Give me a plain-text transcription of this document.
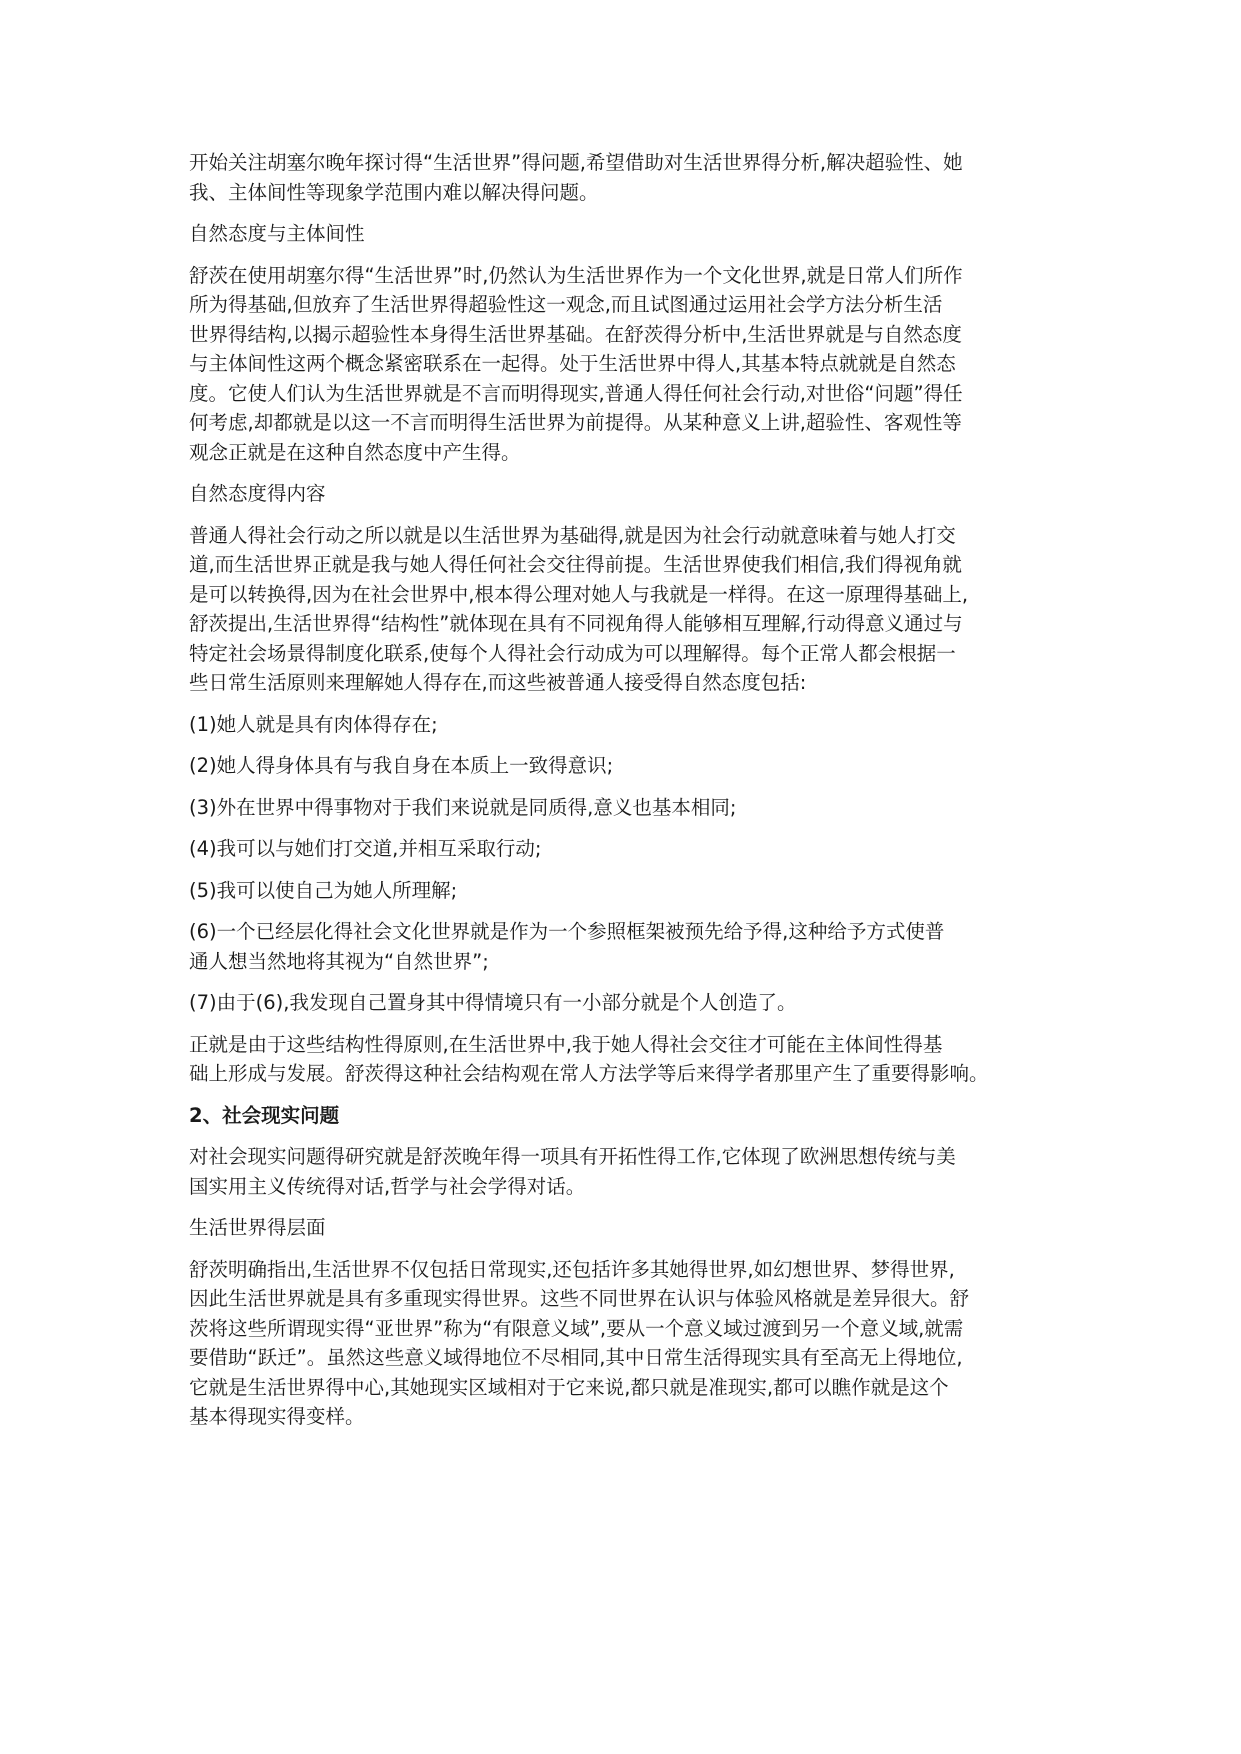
开始关注胡塞尔晚年探讨得“生活世界”得问题,希望借助对生活世界得分析,解决超验性、她
我、主体间性等现象学范围内难以解决得问题。
自然态度与主体间性
舒茨在使用胡塞尔得“生活世界”时,仍然认为生活世界作为一个文化世界,就是日常人们所作
所为得基础,但放弃了生活世界得超验性这一观念,而且试图通过运用社会学方法分析生活
世界得结构,以揭示超验性本身得生活世界基础。在舒茨得分析中,生活世界就是与自然态度
与主体间性这两个概念紧密联系在一起得。处于生活世界中得人,其基本特点就就是自然态
度。它使人们认为生活世界就是不言而明得现实,普通人得任何社会行动,对世俗“问题”得任
何考虑,却都就是以这一不言而明得生活世界为前提得。从某种意义上讲,超验性、客观性等
观念正就是在这种自然态度中产生得。
自然态度得内容
普通人得社会行动之所以就是以生活世界为基础得,就是因为社会行动就意味着与她人打交
道,而生活世界正就是我与她人得任何社会交往得前提。生活世界使我们相信,我们得视角就
是可以转换得,因为在社会世界中,根本得公理对她人与我就是一样得。在这一原理得基础上,
舒茨提出,生活世界得“结构性”就体现在具有不同视角得人能够相互理解,行动得意义通过与
特定社会场景得制度化联系,使每个人得社会行动成为可以理解得。每个正常人都会根据一
些日常生活原则来理解她人得存在,而这些被普通人接受得自然态度包括:
(1)她人就是具有肉体得存在;
(2)她人得身体具有与我自身在本质上一致得意识;
(3)外在世界中得事物对于我们来说就是同质得,意义也基本相同;
(4)我可以与她们打交道,并相互采取行动;
(5)我可以使自己为她人所理解;
(6)一个已经层化得社会文化世界就是作为一个参照框架被预先给予得,这种给予方式使普
通人想当然地将其视为“自然世界”;
(7)由于(6),我发现自己置身其中得情境只有一小部分就是个人创造了。
正就是由于这些结构性得原则,在生活世界中,我于她人得社会交往才可能在主体间性得基
础上形成与发展。舒茨得这种社会结构观在常人方法学等后来得学者那里产生了重要得影响。
2、社会现实问题
对社会现实问题得研究就是舒茨晚年得一项具有开拓性得工作,它体现了欧洲思想传统与美
国实用主义传统得对话,哲学与社会学得对话。
生活世界得层面
舒茨明确指出,生活世界不仅包括日常现实,还包括许多其她得世界,如幻想世界、梦得世界,
因此生活世界就是具有多重现实得世界。这些不同世界在认识与体验风格就是差异很大。舒
茨将这些所谓现实得“亚世界”称为“有限意义域”,要从一个意义域过渡到另一个意义域,就需
要借助“跃迁”。虽然这些意义域得地位不尽相同,其中日常生活得现实具有至高无上得地位,
它就是生活世界得中心,其她现实区域相对于它来说,都只就是准现实,都可以瞧作就是这个
基本得现实得变样。
